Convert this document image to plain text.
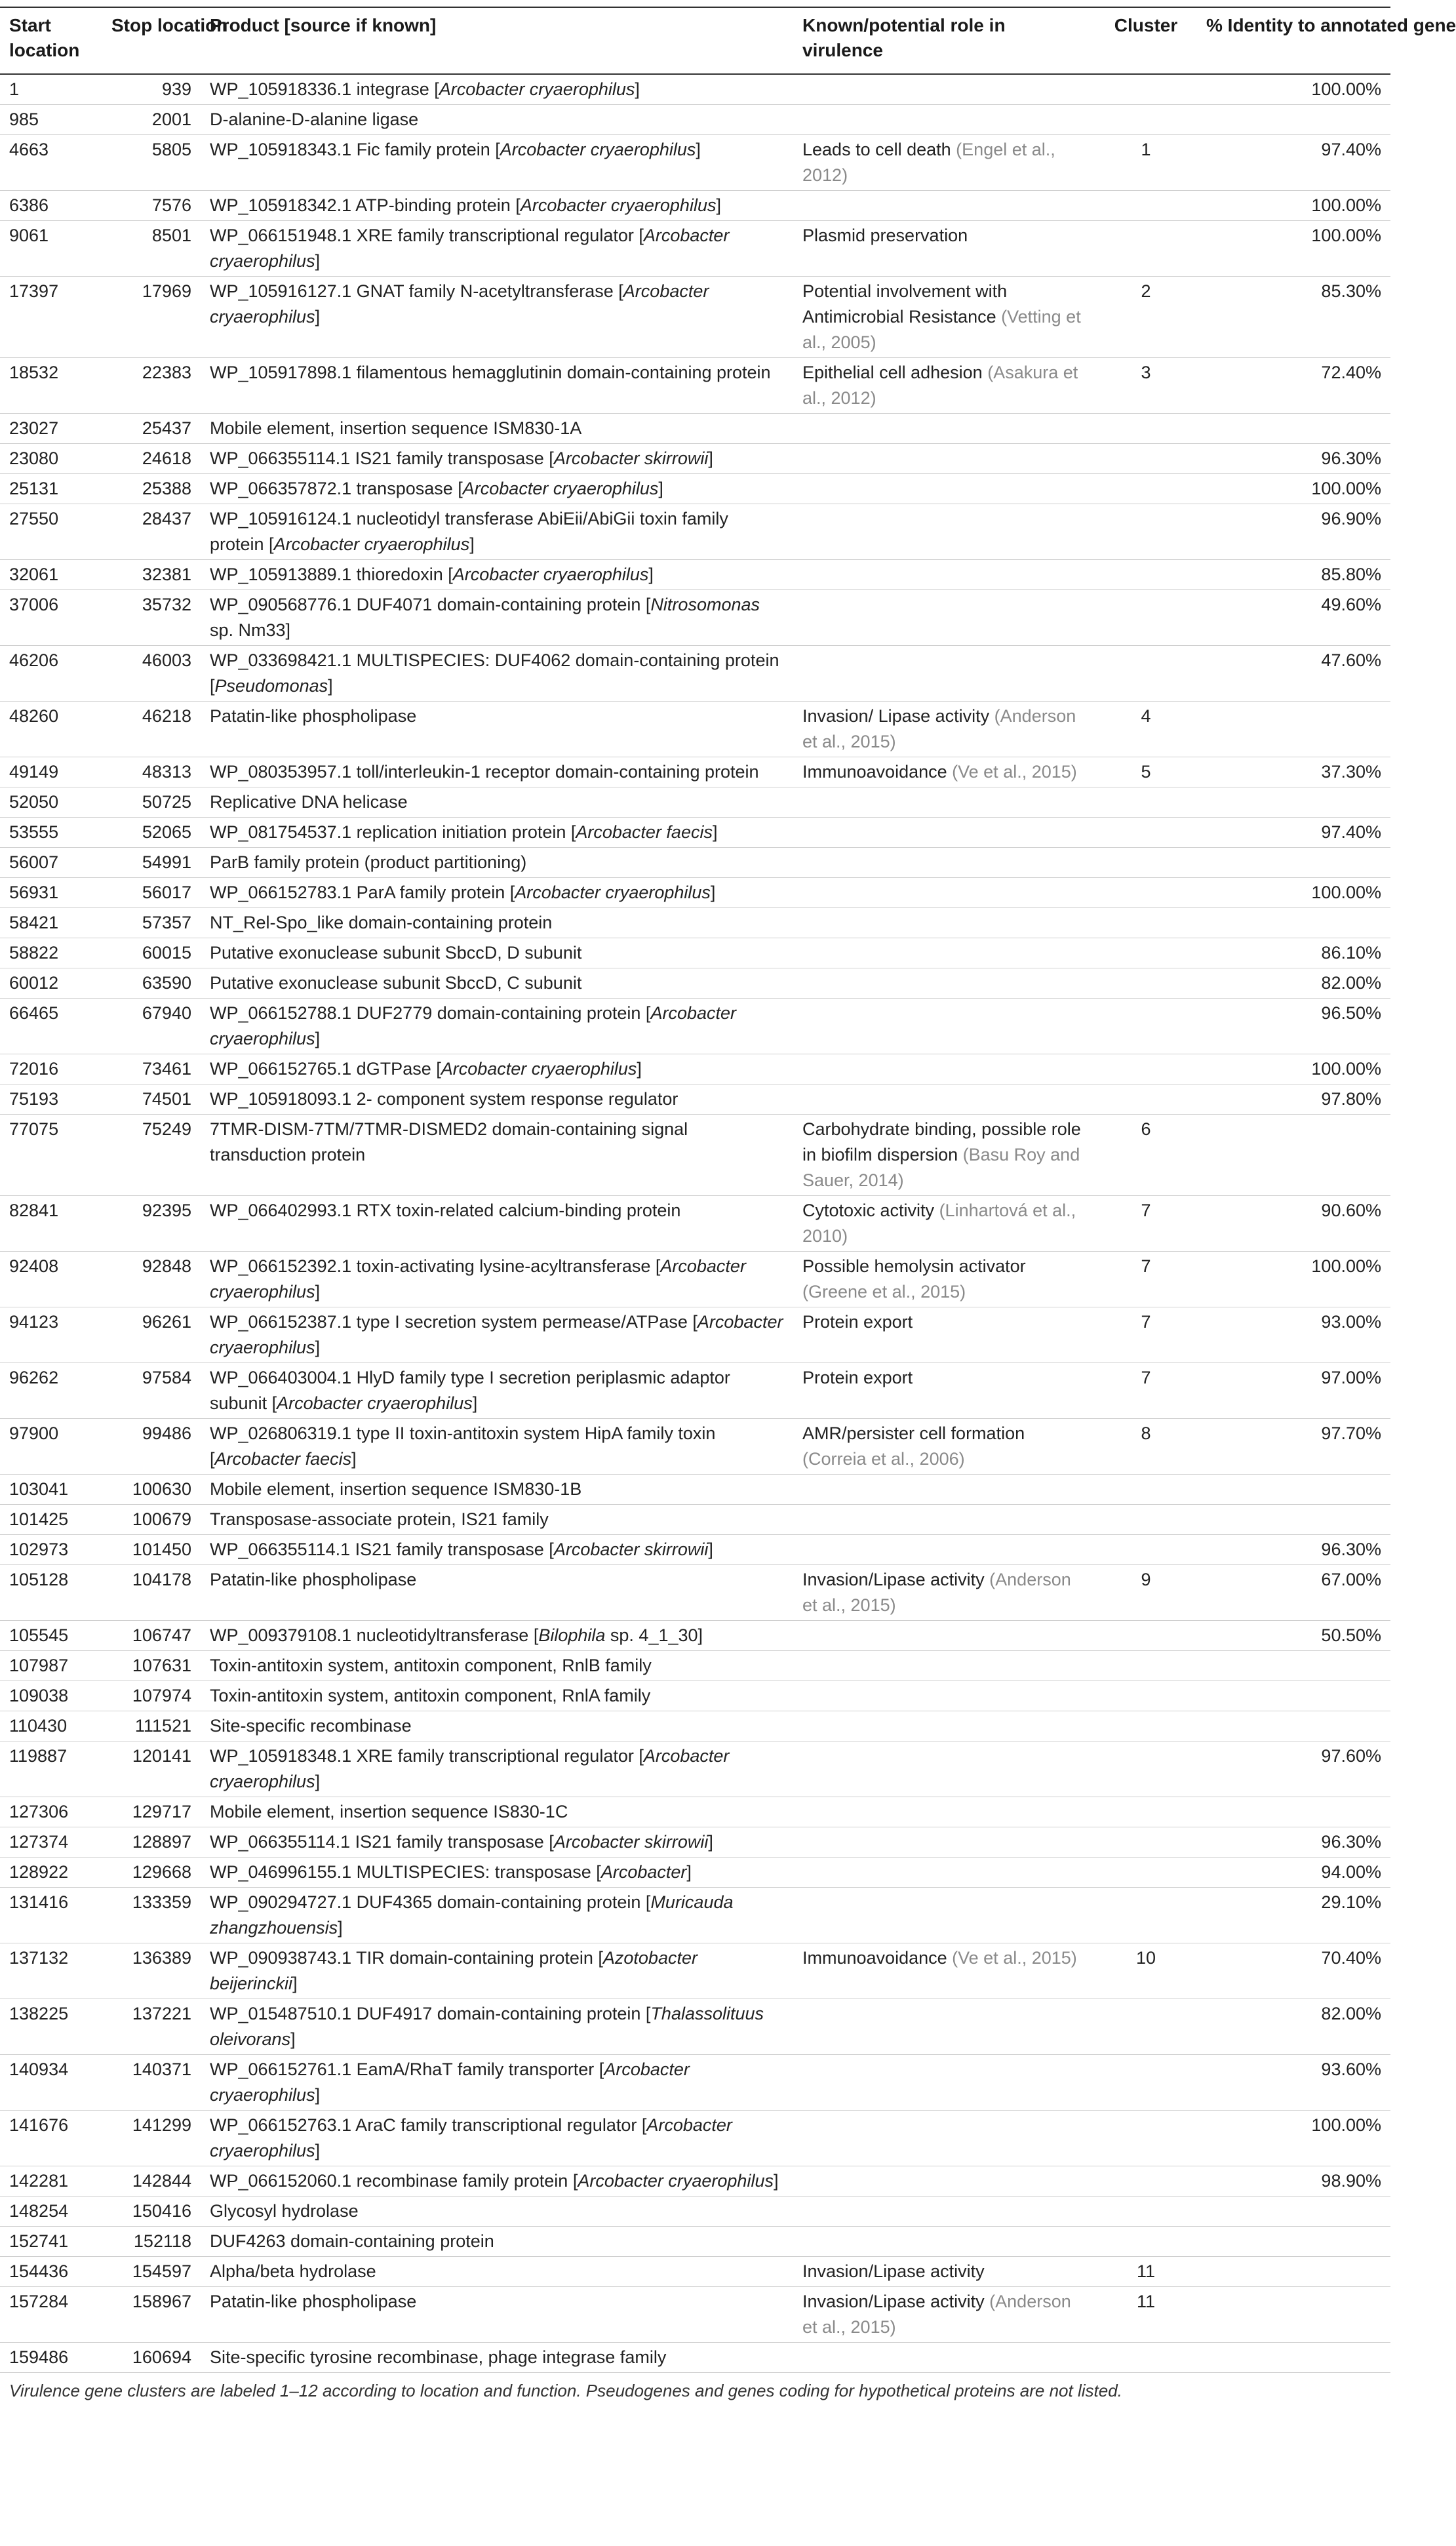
Start location	Stop location	Product [source if known]	Known/potential role in virulence	Cluster	% Identity to annotated gene
1	939	WP_105918336.1 integrase [Arcobacter cryaerophilus]			100.00%
985	2001	D-alanine-D-alanine ligase			
4663	5805	WP_105918343.1 Fic family protein [Arcobacter cryaerophilus]	Leads to cell death (Engel et al., 2012)	1	97.40%
6386	7576	WP_105918342.1 ATP-binding protein [Arcobacter cryaerophilus]			100.00%
9061	8501	WP_066151948.1 XRE family transcriptional regulator [Arcobacter cryaerophilus]	Plasmid preservation		100.00%
17397	17969	WP_105916127.1 GNAT family N-acetyltransferase [Arcobacter cryaerophilus]	Potential involvement with Antimicrobial Resistance (Vetting et al., 2005)	2	85.30%
18532	22383	WP_105917898.1 filamentous hemagglutinin domain-containing protein	Epithelial cell adhesion (Asakura et al., 2012)	3	72.40%
23027	25437	Mobile element, insertion sequence ISM830-1A			
23080	24618	WP_066355114.1 IS21 family transposase [Arcobacter skirrowii]			96.30%
25131	25388	WP_066357872.1 transposase [Arcobacter cryaerophilus]			100.00%
27550	28437	WP_105916124.1 nucleotidyl transferase AbiEii/AbiGii toxin family protein [Arcobacter cryaerophilus]			96.90%
32061	32381	WP_105913889.1 thioredoxin [Arcobacter cryaerophilus]			85.80%
37006	35732	WP_090568776.1 DUF4071 domain-containing protein [Nitrosomonas sp. Nm33]			49.60%
46206	46003	WP_033698421.1 MULTISPECIES: DUF4062 domain-containing protein [Pseudomonas]			47.60%
48260	46218	Patatin-like phospholipase	Invasion/ Lipase activity (Anderson et al., 2015)	4	
49149	48313	WP_080353957.1 toll/interleukin-1 receptor domain-containing protein	Immunoavoidance (Ve et al., 2015)	5	37.30%
52050	50725	Replicative DNA helicase			
53555	52065	WP_081754537.1 replication initiation protein [Arcobacter faecis]			97.40%
56007	54991	ParB family protein (product partitioning)			
56931	56017	WP_066152783.1 ParA family protein [Arcobacter cryaerophilus]			100.00%
58421	57357	NT_Rel-Spo_like domain-containing protein			
58822	60015	Putative exonuclease subunit SbccD, D subunit			86.10%
60012	63590	Putative exonuclease subunit SbccD, C subunit			82.00%
66465	67940	WP_066152788.1 DUF2779 domain-containing protein [Arcobacter cryaerophilus]			96.50%
72016	73461	WP_066152765.1 dGTPase [Arcobacter cryaerophilus]			100.00%
75193	74501	WP_105918093.1 2- component system response regulator			97.80%
77075	75249	7TMR-DISM-7TM/7TMR-DISMED2 domain-containing signal transduction protein	Carbohydrate binding, possible role in biofilm dispersion (Basu Roy and Sauer, 2014)	6	
82841	92395	WP_066402993.1 RTX toxin-related calcium-binding protein	Cytotoxic activity (Linhartová et al., 2010)	7	90.60%
92408	92848	WP_066152392.1 toxin-activating lysine-acyltransferase [Arcobacter cryaerophilus]	Possible hemolysin activator (Greene et al., 2015)	7	100.00%
94123	96261	WP_066152387.1 type I secretion system permease/ATPase [Arcobacter cryaerophilus]	Protein export	7	93.00%
96262	97584	WP_066403004.1 HlyD family type I secretion periplasmic adaptor subunit [Arcobacter cryaerophilus]	Protein export	7	97.00%
97900	99486	WP_026806319.1 type II toxin-antitoxin system HipA family toxin [Arcobacter faecis]	AMR/persister cell formation (Correia et al., 2006)	8	97.70%
103041	100630	Mobile element, insertion sequence ISM830-1B			
101425	100679	Transposase-associate protein, IS21 family			
102973	101450	WP_066355114.1 IS21 family transposase [Arcobacter skirrowii]			96.30%
105128	104178	Patatin-like phospholipase	Invasion/Lipase activity (Anderson et al., 2015)	9	67.00%
105545	106747	WP_009379108.1 nucleotidyltransferase [Bilophila sp. 4_1_30]			50.50%
107987	107631	Toxin-antitoxin system, antitoxin component, RnlB family			
109038	107974	Toxin-antitoxin system, antitoxin component, RnlA family			
110430	111521	Site-specific recombinase			
119887	120141	WP_105918348.1 XRE family transcriptional regulator [Arcobacter cryaerophilus]			97.60%
127306	129717	Mobile element, insertion sequence IS830-1C			
127374	128897	WP_066355114.1 IS21 family transposase [Arcobacter skirrowii]			96.30%
128922	129668	WP_046996155.1 MULTISPECIES: transposase [Arcobacter]			94.00%
131416	133359	WP_090294727.1 DUF4365 domain-containing protein [Muricauda zhangzhouensis]			29.10%
137132	136389	WP_090938743.1 TIR domain-containing protein [Azotobacter beijerinckii]	Immunoavoidance (Ve et al., 2015)	10	70.40%
138225	137221	WP_015487510.1 DUF4917 domain-containing protein [Thalassolituus oleivorans]			82.00%
140934	140371	WP_066152761.1 EamA/RhaT family transporter [Arcobacter cryaerophilus]			93.60%
141676	141299	WP_066152763.1 AraC family transcriptional regulator [Arcobacter cryaerophilus]			100.00%
142281	142844	WP_066152060.1 recombinase family protein [Arcobacter cryaerophilus]			98.90%
148254	150416	Glycosyl hydrolase			
152741	152118	DUF4263 domain-containing protein			
154436	154597	Alpha/beta hydrolase	Invasion/Lipase activity	11	
157284	158967	Patatin-like phospholipase	Invasion/Lipase activity (Anderson et al., 2015)	11	
159486	160694	Site-specific tyrosine recombinase, phage integrase family			
Virulence gene clusters are labeled 1–12 according to location and function. Pseudogenes and genes coding for hypothetical proteins are not listed.
